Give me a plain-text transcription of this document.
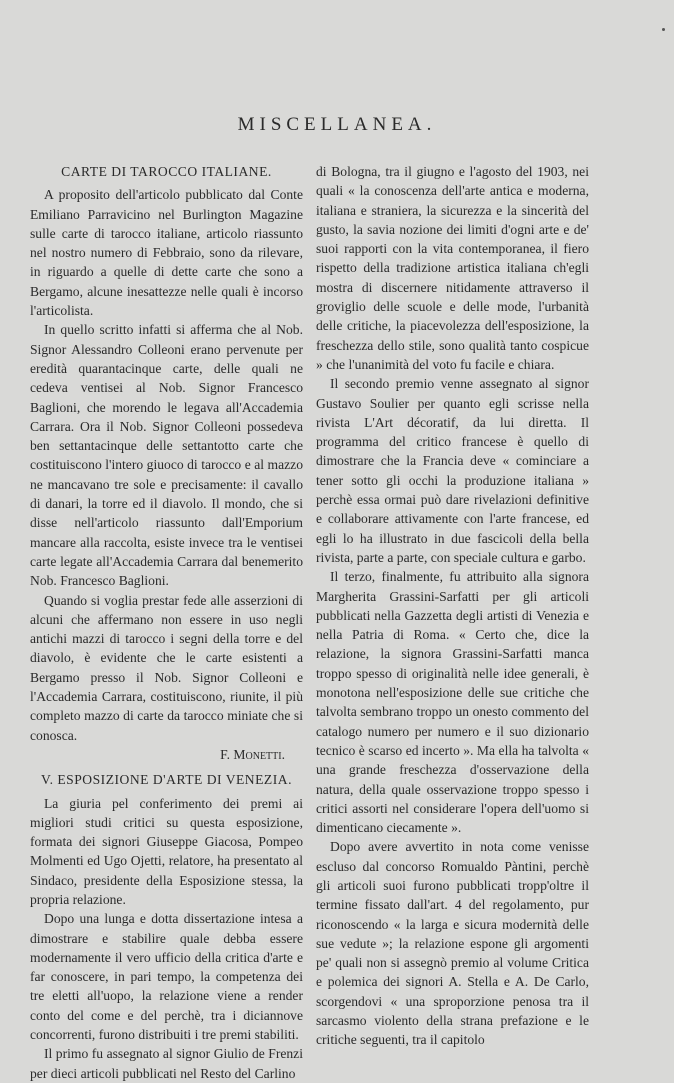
MISCELLANEA.
CARTE DI TAROCCO ITALIANE.

A proposito dell'articolo pubblicato dal Conte Emiliano Parravicino nel Burlington Magazine sulle carte di tarocco italiane, articolo riassunto nel nostro numero di Febbraio, sono da rilevare, in riguardo a quelle di dette carte che sono a Bergamo, alcune inesattezze nelle quali è incorso l'articolista.

In quello scritto infatti si afferma che al Nob. Signor Alessandro Colleoni erano pervenute per eredità quarantacinque carte, delle quali ne cedeva ventisei al Nob. Signor Francesco Baglioni, che morendo le legava all'Accademia Carrara. Ora il Nob. Signor Colleoni possedeva ben settantacinque delle settantotto carte che costituiscono l'intero giuoco di tarocco e al mazzo ne mancavano tre sole e precisamente: il cavallo di danari, la torre ed il diavolo. Il mondo, che si disse nell'articolo riassunto dall'Emporium mancare alla raccolta, esiste invece tra le ventisei carte legate all'Accademia Carrara dal benemerito Nob. Francesco Baglioni.

Quando si voglia prestar fede alle asserzioni di alcuni che affermano non essere in uso negli antichi mazzi di tarocco i segni della torre e del diavolo, è evidente che le carte esistenti a Bergamo presso il Nob. Signor Colleoni e l'Accademia Carrara, costituiscono, riunite, il più completo mazzo di carte da tarocco miniate che si conosca.

F. Monetti.

V. ESPOSIZIONE D'ARTE DI VENEZIA.

La giuria pel conferimento dei premi ai migliori studi critici su questa esposizione, formata dei signori Giuseppe Giacosa, Pompeo Molmenti ed Ugo Ojetti, relatore, ha presentato al Sindaco, presidente della Esposizione stessa, la propria relazione.

Dopo una lunga e dotta dissertazione intesa a dimostrare e stabilire quale debba essere modernamente il vero ufficio della critica d'arte e far conoscere, in pari tempo, la competenza dei tre eletti all'uopo, la relazione viene a render conto del come e del perchè, tra i diciannove concorrenti, furono distribuiti i tre premi stabiliti.

Il primo fu assegnato al signor Giulio de Frenzi per dieci articoli pubblicati nel Resto del Carlino

di Bologna, tra il giugno e l'agosto del 1903, nei quali « la conoscenza dell'arte antica e moderna, italiana e straniera, la sicurezza e la sincerità del gusto, la savia nozione dei limiti d'ogni arte e de' suoi rapporti con la vita contemporanea, il fiero rispetto della tradizione artistica italiana ch'egli mostra di discernere nitidamente attraverso il groviglio delle scuole e delle mode, l'urbanità delle critiche, la piacevolezza dell'esposizione, la freschezza dello stile, sono qualità tanto cospicue » che l'unanimità del voto fu facile e chiara.

Il secondo premio venne assegnato al signor Gustavo Soulier per quanto egli scrisse nella rivista L'Art décoratif, da lui diretta. Il programma del critico francese è quello di dimostrare che la Francia deve « cominciare a tener sotto gli occhi la produzione italiana » perchè essa ormai può dare rivelazioni definitive e collaborare attivamente con l'arte francese, ed egli lo ha illustrato in due fascicoli della bella rivista, parte a parte, con speciale cultura e garbo.

Il terzo, finalmente, fu attribuito alla signora Margherita Grassini-Sarfatti per gli articoli pubblicati nella Gazzetta degli artisti di Venezia e nella Patria di Roma. « Certo che, dice la relazione, la signora Grassini-Sarfatti manca troppo spesso di originalità nelle idee generali, è monotona nell'esposizione delle sue critiche che talvolta sembrano troppo un onesto commento del catalogo numero per numero e il suo dizionario tecnico è scarso ed incerto ». Ma ella ha talvolta « una grande freschezza d'osservazione della natura, della quale osservazione troppo spesso i critici assorti nel considerare l'opera dell'uomo si dimenticano ciecamente ».

Dopo avere avvertito in nota come venisse escluso dal concorso Romualdo Pàntini, perchè gli articoli suoi furono pubblicati tropp'oltre il termine fissato dall'art. 4 del regolamento, pur riconoscendo « la larga e sicura modernità delle sue vedute »; la relazione espone gli argomenti pe' quali non si assegnò premio al volume Critica e polemica dei signori A. Stella e A. De Carlo, scorgendovi « una sproporzione penosa tra il sarcasmo violento della strana prefazione e le critiche seguenti, tra il capitolo
